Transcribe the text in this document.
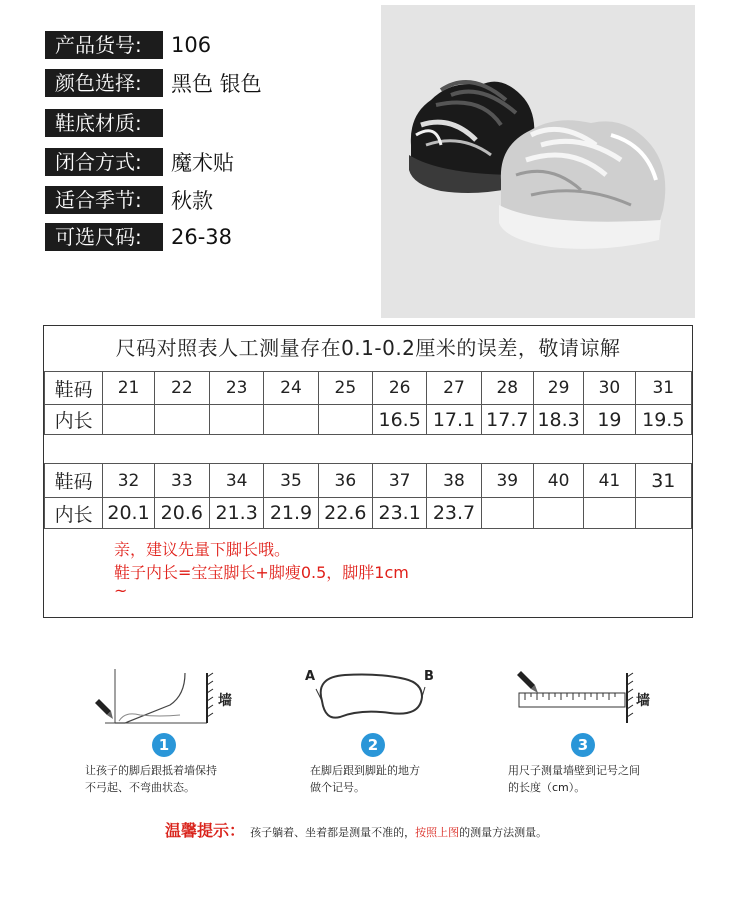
产品货号:	106
颜色选择:	黑色 银色
鞋底材质:
闭合方式:	魔术贴
适合季节:	秋款
可选尺码:	26-38
尺码对照表人工测量存在0.1-0.2厘米的误差，敬请谅解
鞋码	21	22	23	24	25	26	27	28	29	30	31
内长						16.5	17.1	17.7	18.3	19	19.5
鞋码	32	33	34	35	36	37	38	39	40	41	31
内长	20.1	20.6	21.3	21.9	22.6	23.1	23.7				
亲，建议先量下脚长哦。
鞋子内长=宝宝脚长+脚瘦0.5，脚胖1cm
~
墙
1
让孩子的脚后跟抵着墙保持
不弓起、不弯曲状态。
A	B
2
在脚后跟到脚趾的地方
做个记号。
墙
3
用尺子测量墙壁到记号之间
的长度（cm）。
温馨提示： 孩子躺着、坐着都是测量不准的，按照上图的测量方法测量。
